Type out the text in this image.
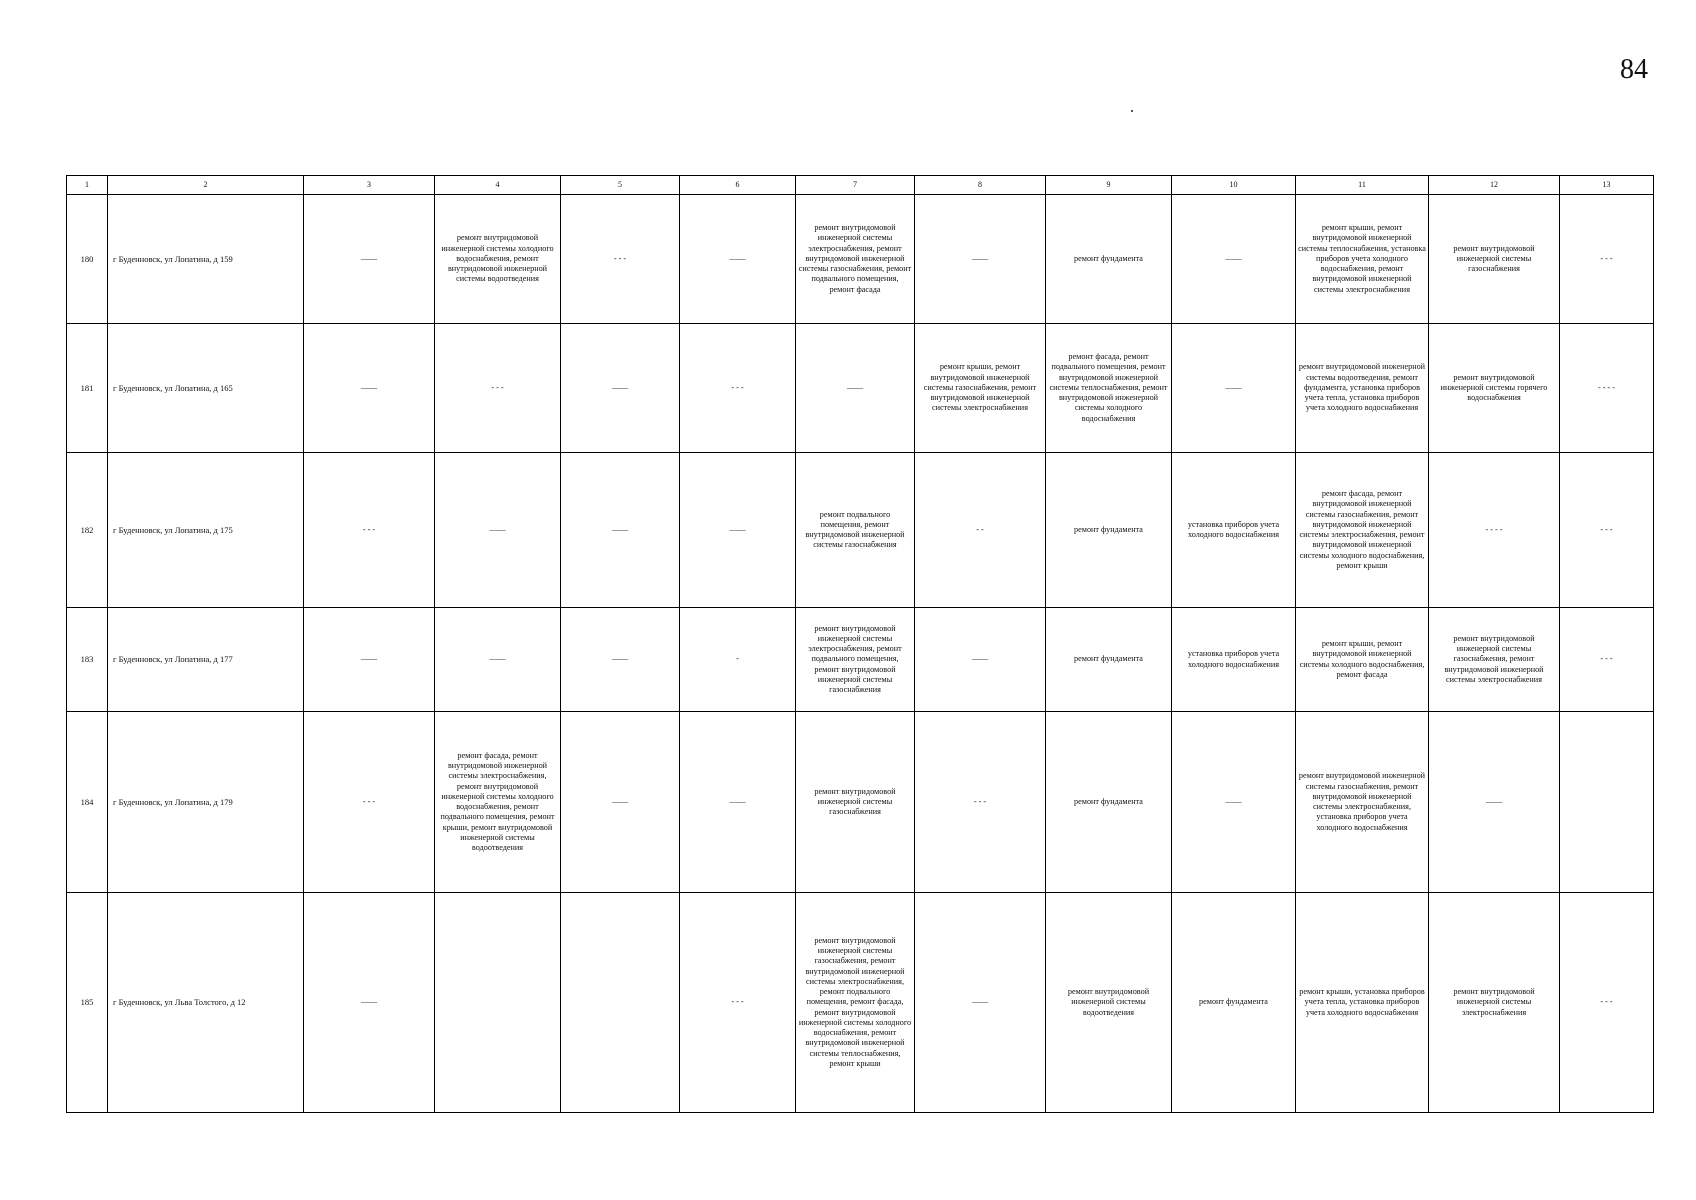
84
1	2	3	4	5	6	7	8	9	10	11	12	13
180	г Буденновск, ул Лопатина, д 159	——	ремонт внутридомовой инженерной системы холодного водоснабжения, ремонт внутридомовой инженерной системы водоотведения	- - -	——	ремонт внутридомовой инженерной системы электроснабжения, ремонт внутридомовой инженерной системы газоснабжения, ремонт подвального помещения, ремонт фасада	——	ремонт фундамента	——	ремонт крыши, ремонт внутридомовой инженерной системы теплоснабжения, установка приборов учета холодного водоснабжения, ремонт внутридомовой инженерной системы электроснабжения	ремонт внутридомовой инженерной системы газоснабжения	- - -
181	г Буденновск, ул Лопатина, д 165	——	- - -	——	- - -	——	ремонт крыши, ремонт внутридомовой инженерной системы газоснабжения, ремонт внутридомовой инженерной системы электроснабжения	ремонт фасада, ремонт подвального помещения, ремонт внутридомовой инженерной системы теплоснабжения, ремонт внутридомовой инженерной системы холодного водоснабжения	——	ремонт внутридомовой инженерной системы водоотведения, ремонт фундамента, установка приборов учета тепла, установка приборов учета холодного водоснабжения	ремонт внутридомовой инженерной системы горячего водоснабжения	- - - -
182	г Буденновск, ул Лопатина, д 175	- - -	——	——	——	ремонт подвального помещения, ремонт внутридомовой инженерной системы газоснабжения	- -	ремонт фундамента	установка приборов учета холодного водоснабжения	ремонт фасада, ремонт внутридомовой инженерной системы газоснабжения, ремонт внутридомовой инженерной системы электроснабжения, ремонт внутридомовой инженерной системы холодного водоснабжения, ремонт крыши	- - - -	- - -
183	г Буденновск, ул Лопатина, д 177	——	——	——	-	ремонт внутридомовой инженерной системы электроснабжения, ремонт подвального помещения, ремонт внутридомовой инженерной системы газоснабжения	——	ремонт фундамента	установка приборов учета холодного водоснабжения	ремонт крыши, ремонт внутридомовой инженерной системы холодного водоснабжения, ремонт фасада	ремонт внутридомовой инженерной системы газоснабжения, ремонт внутридомовой инженерной системы электроснабжения	- - -
184	г Буденновск, ул Лопатина, д 179	- - -	ремонт фасада, ремонт внутридомовой инженерной системы электроснабжения, ремонт внутридомовой инженерной системы холодного водоснабжения, ремонт подвального помещения, ремонт крыши, ремонт внутридомовой инженерной системы водоотведения	——	——	ремонт внутридомовой инженерной системы газоснабжения	- - -	ремонт фундамента	——	ремонт внутридомовой инженерной системы газоснабжения, ремонт внутридомовой инженерной системы электроснабжения, установка приборов учета холодного водоснабжения	——	
185	г Буденновск, ул Льва Толстого, д 12	——			- - -	ремонт внутридомовой инженерной системы газоснабжения, ремонт внутридомовой инженерной системы электроснабжения, ремонт подвального помещения, ремонт фасада, ремонт внутридомовой инженерной системы холодного водоснабжения, ремонт внутридомовой инженерной системы теплоснабжения, ремонт крыши	——	ремонт внутридомовой инженерной системы водоотведения	ремонт фундамента	ремонт крыши, установка приборов учета тепла, установка приборов учета холодного водоснабжения	ремонт внутридомовой инженерной системы электроснабжения	- - -
